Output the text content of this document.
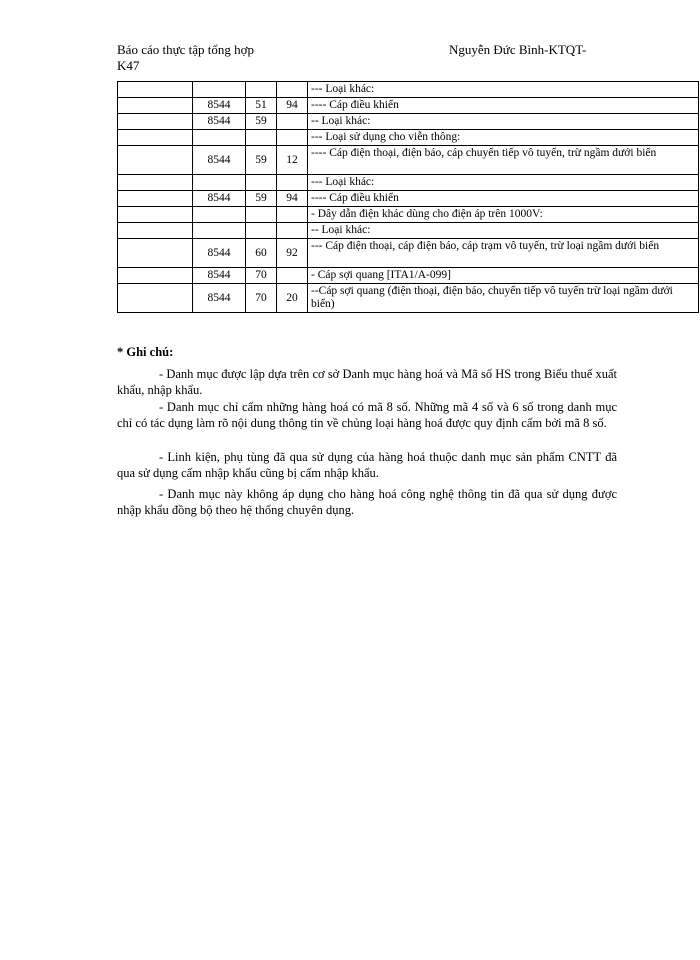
Báo cáo thực tập tổng hợp	Nguyễn Đức Bình-KTQT-
K47
				--- Loại khác:
	8544	51	94	---- Cáp điều khiển
	8544	59		-- Loại khác:
				--- Loại sử dụng cho viễn thông:
	8544	59	12	---- Cáp điện thoại, điện báo, cáp chuyển tiếp vô tuyến, trừ ngầm dưới biển
				--- Loại khác:
	8544	59	94	---- Cáp điều khiển
				- Dây dẫn điện khác dùng cho điện áp trên 1000V:
				-- Loại khác:
	8544	60	92	--- Cáp điện thoại, cáp điện báo, cáp trạm vô tuyến, trừ loại ngầm dưới biển
	8544	70		- Cáp sợi quang [ITA1/A-099]
	8544	70	20	--Cáp sợi quang (điện thoại, điện báo, chuyển tiếp vô tuyến trừ loại ngầm dưới biển)
* Ghi chú:
- Danh mục được lập dựa trên cơ sở Danh mục hàng hoá và Mã số HS trong Biểu thuế xuất khẩu, nhập khẩu.
- Danh mục chỉ cấm những hàng hoá có mã 8 số. Những mã 4 số và 6 số trong danh mục chỉ có tác dụng làm rõ nội dung thông tin về chủng loại hàng hoá được quy định cấm bởi mã 8 số.
- Linh kiện, phụ tùng đã qua sử dụng của hàng hoá thuộc danh mục sản phẩm CNTT đã qua sử dụng cấm nhập khẩu cũng bị cấm nhập khẩu.
- Danh mục này không áp dụng cho hàng hoá công nghệ thông tin đã qua sử dụng được nhập khẩu đồng bộ theo hệ thống chuyên dụng.
